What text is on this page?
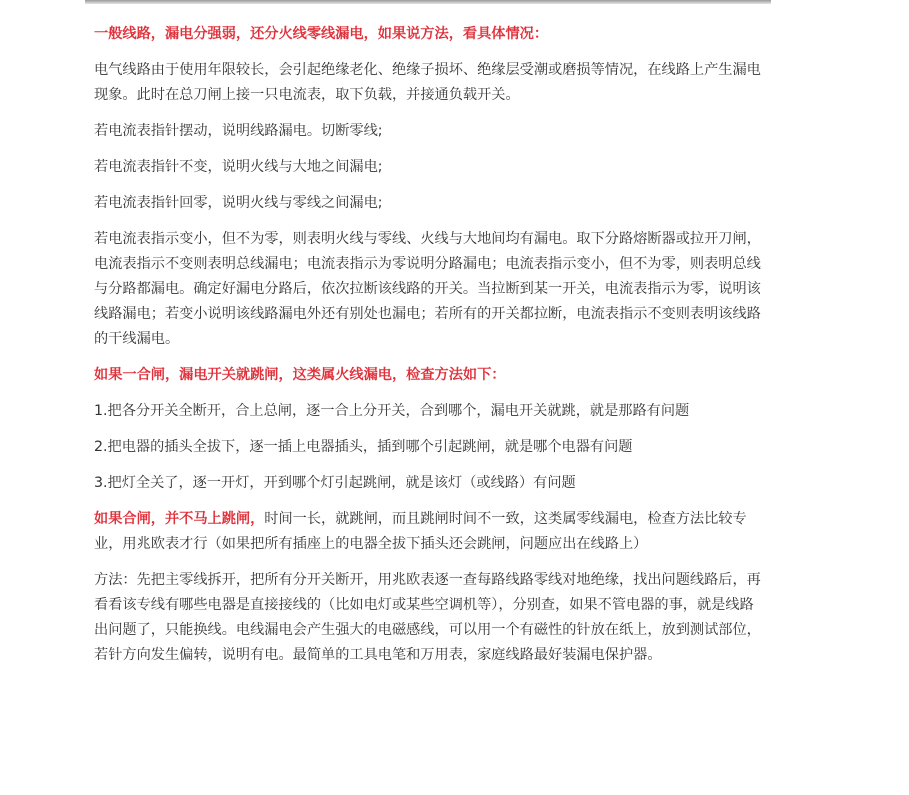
一般线路，漏电分强弱，还分火线零线漏电，如果说方法，看具体情况：

电气线路由于使用年限较长，会引起绝缘老化、绝缘子损坏、绝缘层受潮或磨损等情况，在线路上产生漏电现象。此时在总刀闸上接一只电流表，取下负载，并接通负载开关。

若电流表指针摆动，说明线路漏电。切断零线;

若电流表指针不变，说明火线与大地之间漏电;

若电流表指针回零，说明火线与零线之间漏电;

若电流表指示变小，但不为零，则表明火线与零线、火线与大地间均有漏电。取下分路熔断器或拉开刀闸，电流表指示不变则表明总线漏电；电流表指示为零说明分路漏电；电流表指示变小，但不为零，则表明总线与分路都漏电。确定好漏电分路后，依次拉断该线路的开关。当拉断到某一开关，电流表指示为零，说明该线路漏电；若变小说明该线路漏电外还有别处也漏电；若所有的开关都拉断，电流表指示不变则表明该线路的干线漏电。

如果一合闸，漏电开关就跳闸，这类属火线漏电，检查方法如下：

1.把各分开关全断开，合上总闸，逐一合上分开关，合到哪个，漏电开关就跳，就是那路有问题

2.把电器的插头全拔下，逐一插上电器插头，插到哪个引起跳闸，就是哪个电器有问题

3.把灯全关了，逐一开灯，开到哪个灯引起跳闸，就是该灯（或线路）有问题

如果合闸，并不马上跳闸，时间一长，就跳闸，而且跳闸时间不一致，这类属零线漏电，检查方法比较专业，用兆欧表才行（如果把所有插座上的电器全拔下插头还会跳闸，问题应出在线路上）

方法：先把主零线拆开，把所有分开关断开，用兆欧表逐一查每路线路零线对地绝缘，找出问题线路后，再看看该专线有哪些电器是直接接线的（比如电灯或某些空调机等），分别查，如果不管电器的事，就是线路出问题了，只能换线。电线漏电会产生强大的电磁感线，可以用一个有磁性的针放在纸上，放到测试部位，若针方向发生偏转，说明有电。最简单的工具电笔和万用表，家庭线路最好装漏电保护器。
